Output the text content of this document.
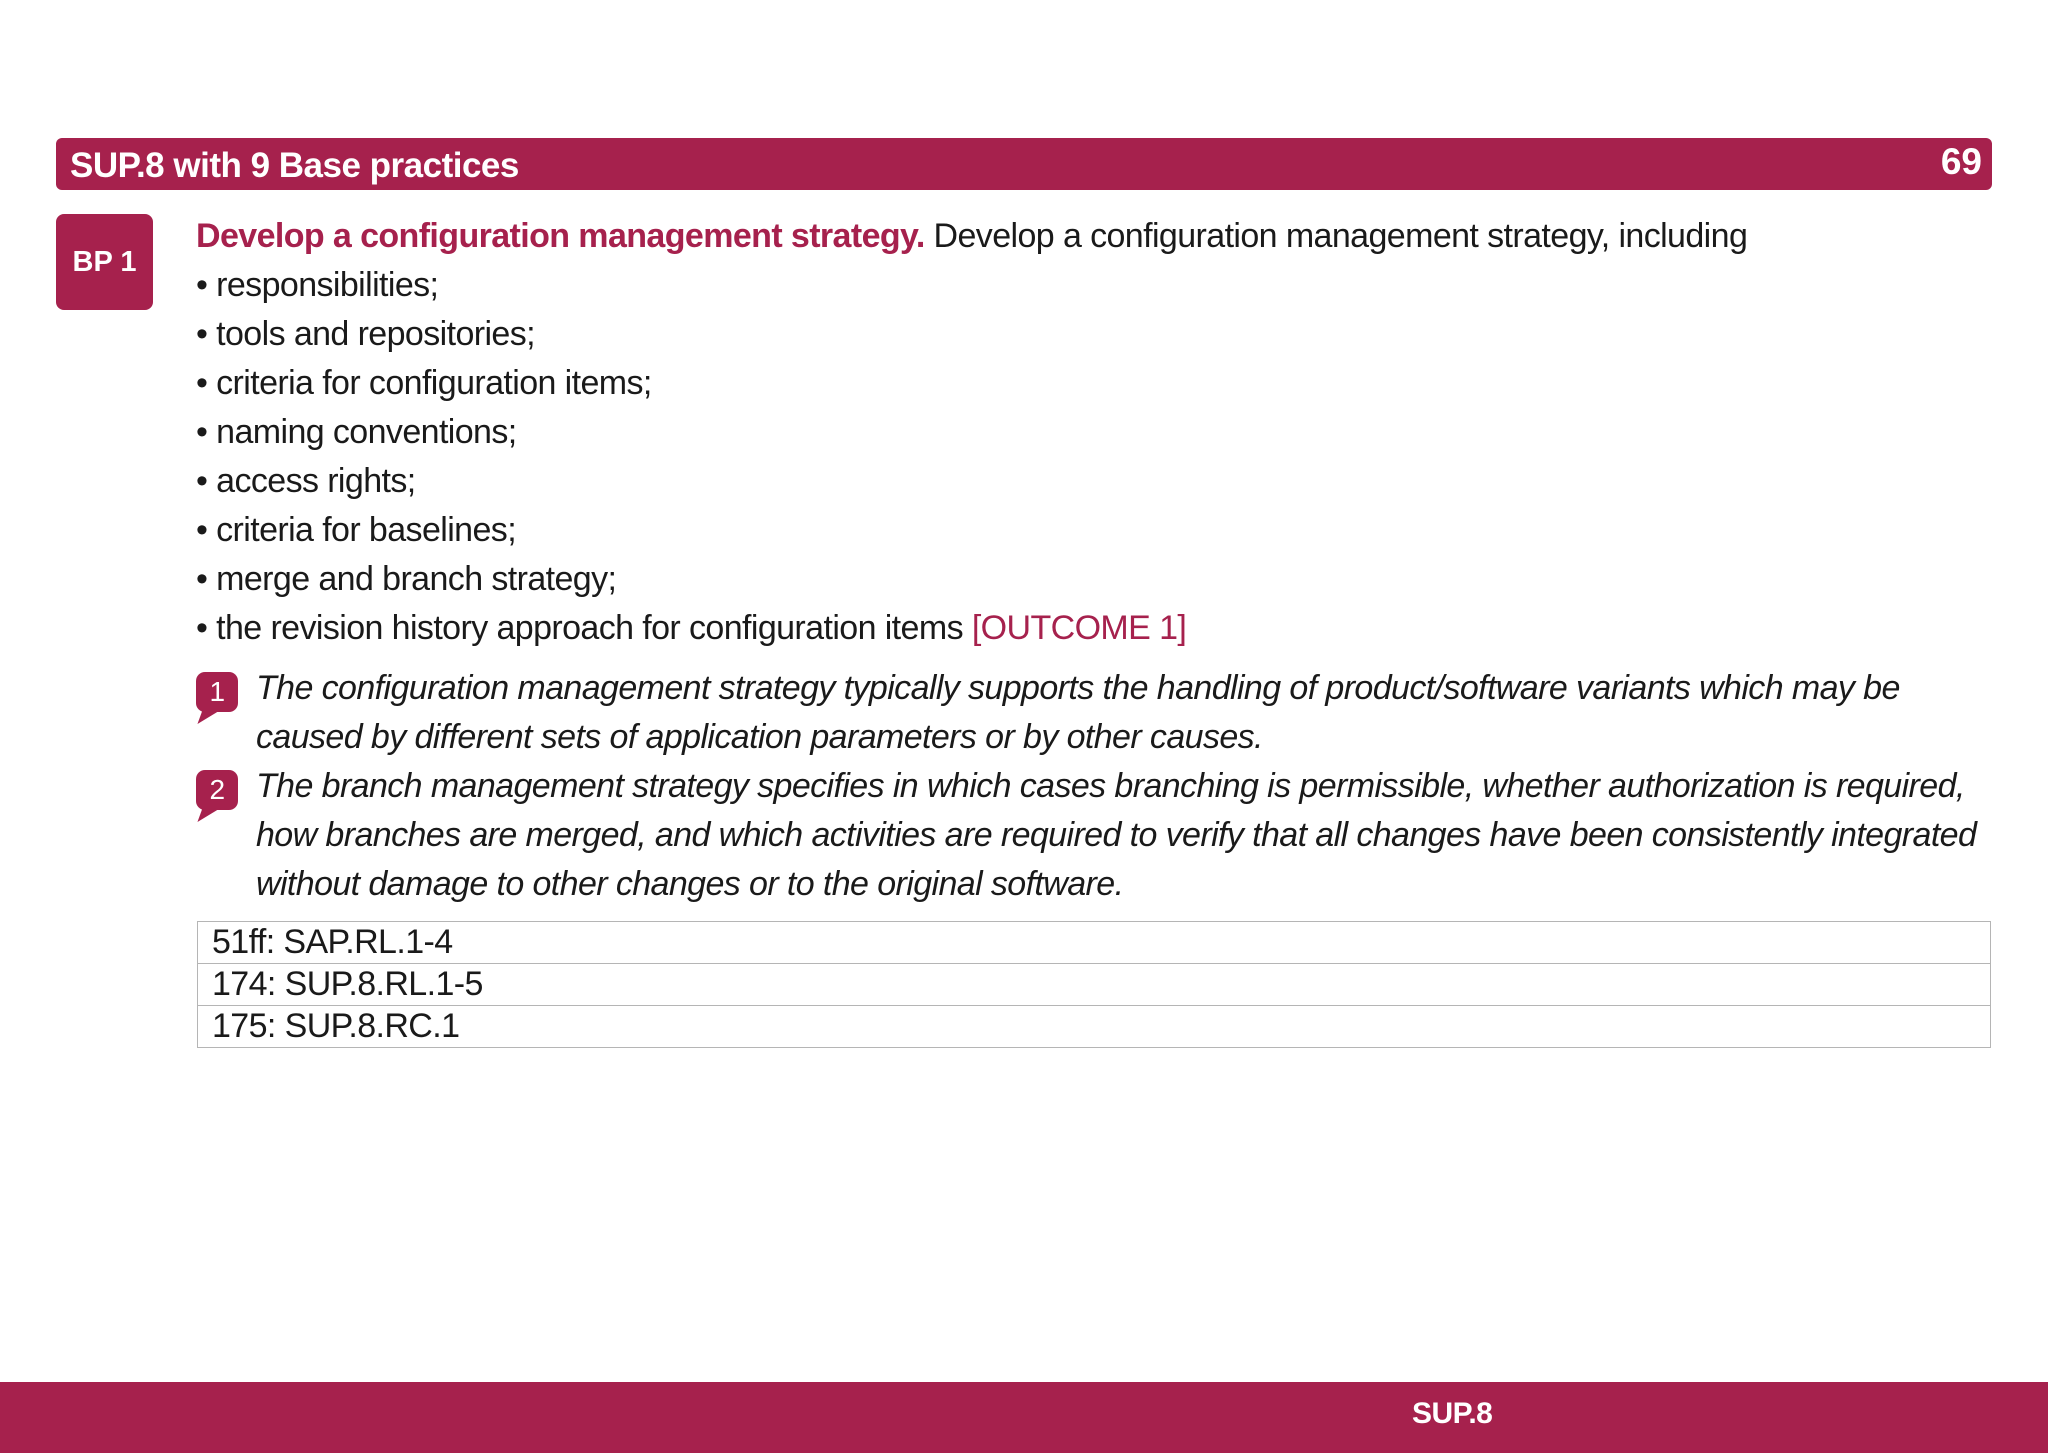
SUP.8 with 9 Base practices	69
BP 1
Develop a configuration management strategy. Develop a configuration management strategy, including
• responsibilities;
• tools and repositories;
• criteria for configuration items;
• naming conventions;
• access rights;
• criteria for baselines;
• merge and branch strategy;
• the revision history approach for configuration items [OUTCOME 1]
1 The configuration management strategy typically supports the handling of product/software variants which may be
caused by different sets of application parameters or by other causes.
2 The branch management strategy specifies in which cases branching is permissible, whether authorization is required,
how branches are merged, and which activities are required to verify that all changes have been consistently integrated
without damage to other changes or to the original software.
51ff: SAP.RL.1-4
174: SUP.8.RL.1-5
175: SUP.8.RC.1
SUP.8
